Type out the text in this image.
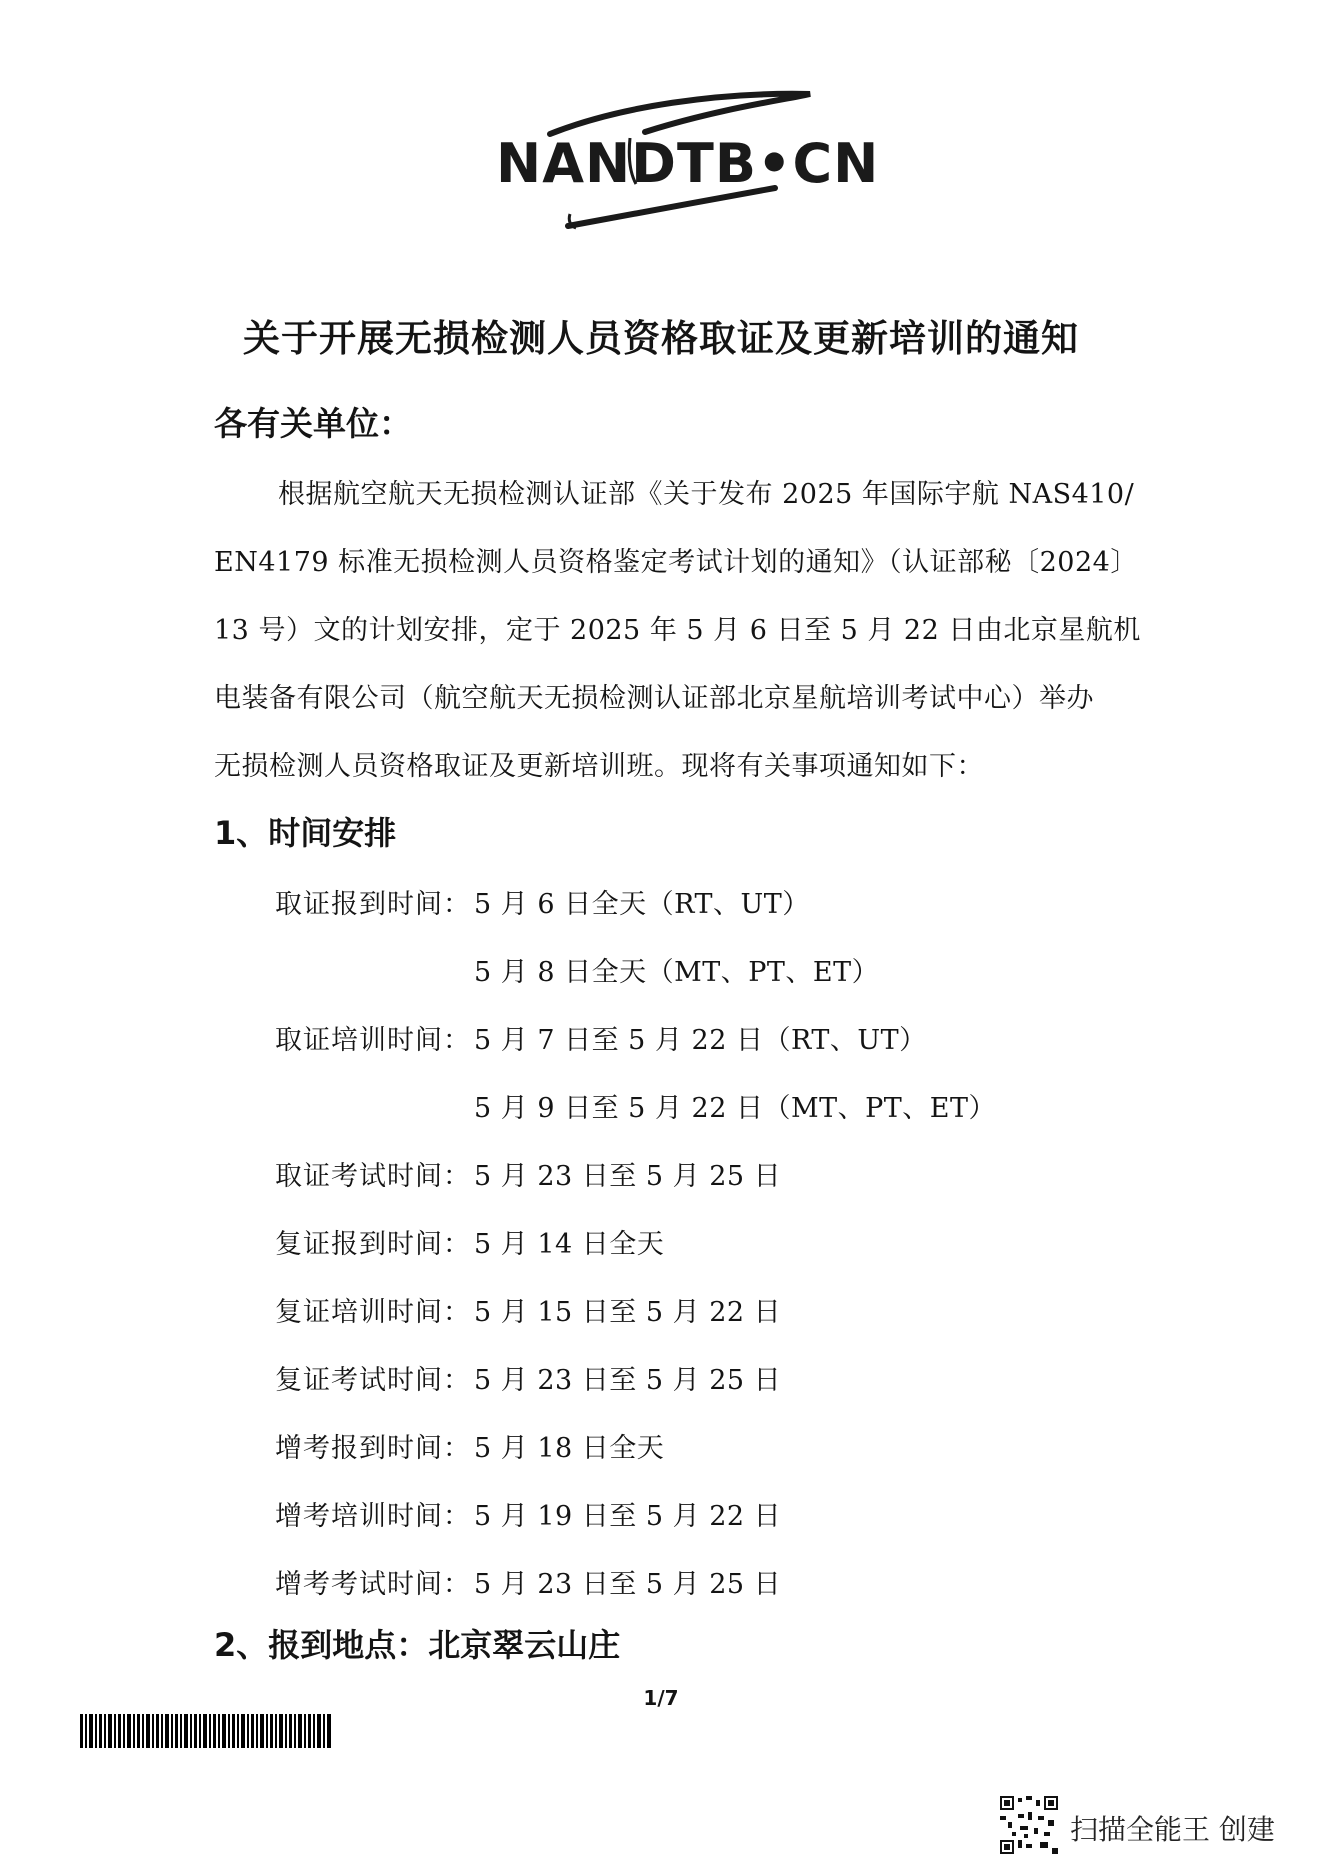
NANDTB•CN
关于开展无损检测人员资格取证及更新培训的通知
各有关单位：
根据航空航天无损检测认证部《关于发布 2025 年国际宇航 NAS410/
EN4179 标准无损检测人员资格鉴定考试计划的通知》（认证部秘〔2024〕
13 号）文的计划安排，定于 2025 年 5 月 6 日至 5 月 22 日由北京星航机
电装备有限公司（航空航天无损检测认证部北京星航培训考试中心）举办
无损检测人员资格取证及更新培训班。现将有关事项通知如下：
1、时间安排
取证报到时间： 5 月 6 日全天（RT、UT）
5 月 8 日全天（MT、PT、ET）
取证培训时间： 5 月 7 日至 5 月 22 日（RT、UT）
5 月 9 日至 5 月 22 日（MT、PT、ET）
取证考试时间： 5 月 23 日至 5 月 25 日
复证报到时间： 5 月 14 日全天
复证培训时间： 5 月 15 日至 5 月 22 日
复证考试时间： 5 月 23 日至 5 月 25 日
增考报到时间： 5 月 18 日全天
增考培训时间： 5 月 19 日至 5 月 22 日
增考考试时间： 5 月 23 日至 5 月 25 日
2、报到地点：北京翠云山庄
1/7
扫描全能王 创建
